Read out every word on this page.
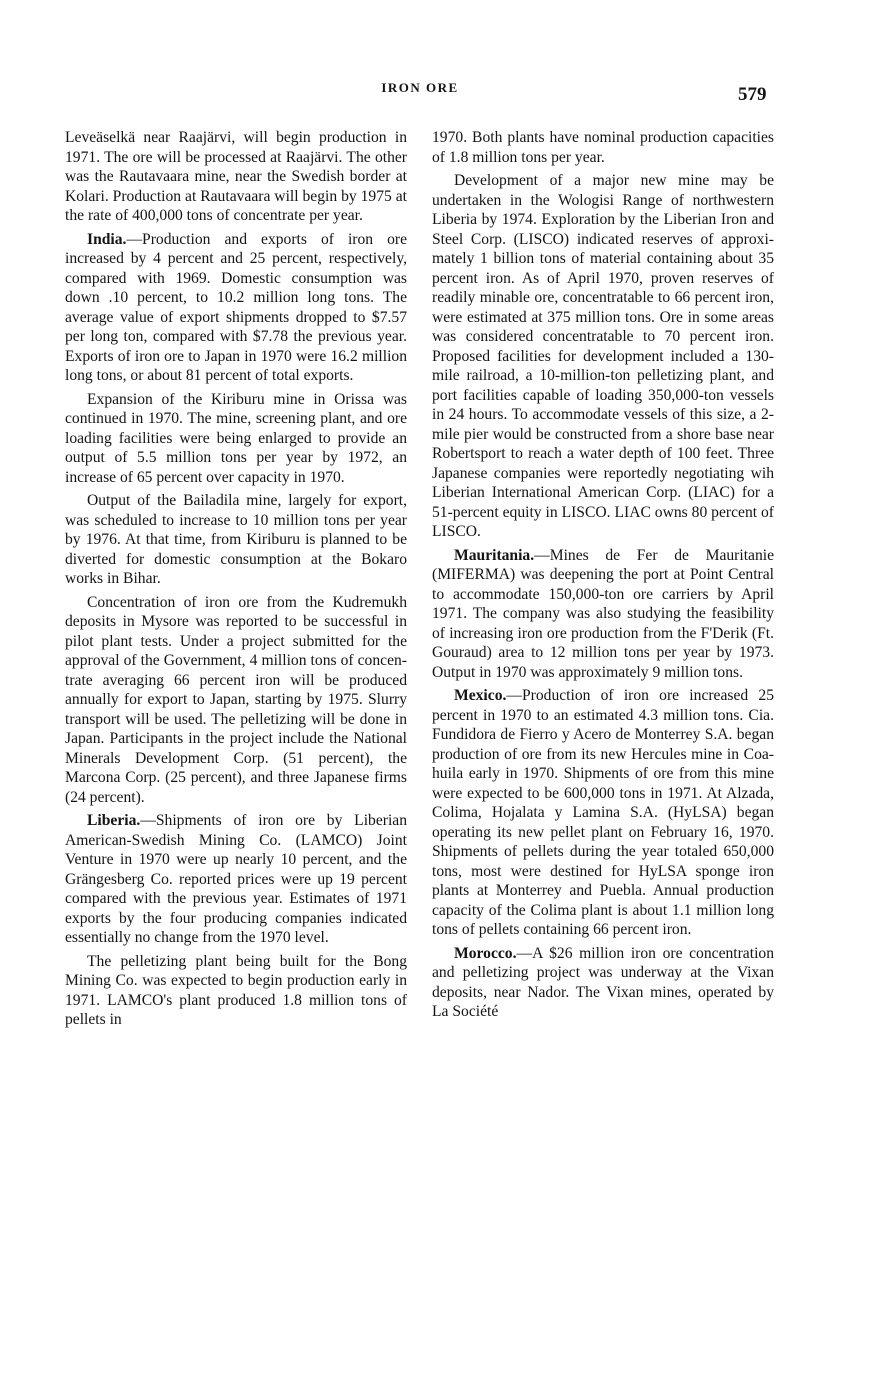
IRON ORE	579

Leveäselkä near Raajärvi, will begin production in 1971. The ore will be processed at Raajärvi. The other was the Rautavaara mine, near the Swedish border at Kolari. Production at Rautavaara will begin by 1975 at the rate of 400,000 tons of concentrate per year.

India.—Production and exports of iron ore increased by 4 percent and 25 percent, respectively, compared with 1969. Domestic consumption was down .10 percent, to 10.2 million long tons. The average value of export shipments dropped to $7.57 per long ton, compared with $7.78 the previous year. Exports of iron ore to Japan in 1970 were 16.2 million long tons, or about 81 percent of total exports.

Expansion of the Kiriburu mine in Orissa was continued in 1970. The mine, screening plant, and ore loading facilities were being enlarged to provide an output of 5.5 million tons per year by 1972, an increase of 65 percent over capacity in 1970.

Output of the Bailadila mine, largely for export, was scheduled to increase to 10 million tons per year by 1976. At that time, from Kiriburu is planned to be diverted for domestic consumption at the Bokaro works in Bihar.

Concentration of iron ore from the Kudremukh deposits in Mysore was reported to be successful in pilot plant tests. Under a project submitted for the approval of the Government, 4 million tons of concentrate averaging 66 percent iron will be produced annually for export to Japan, starting by 1975. Slurry transport will be used. The pelletizing will be done in Japan. Participants in the project include the National Minerals Development Corp. (51 percent), the Marcona Corp. (25 percent), and three Japanese firms (24 percent).

Liberia.—Shipments of iron ore by Liberian American-Swedish Mining Co. (LAMCO) Joint Venture in 1970 were up nearly 10 percent, and the Grängesberg Co. reported prices were up 19 percent compared with the previous year. Estimates of 1971 exports by the four producing companies indicated essentially no change from the 1970 level.

The pelletizing plant being built for the Bong Mining Co. was expected to begin production early in 1971. LAMCO's plant produced 1.8 million tons of pellets in

1970. Both plants have nominal production capacities of 1.8 million tons per year.

Development of a major new mine may be undertaken in the Wologisi Range of northwestern Liberia by 1974. Exploration by the Liberian Iron and Steel Corp. (LISCO) indicated reserves of approximately 1 billion tons of material containing about 35 percent iron. As of April 1970, proven reserves of readily minable ore, concentratable to 66 percent iron, were estimated at 375 million tons. Ore in some areas was considered concentratable to 70 percent iron. Proposed facilities for development included a 130-mile railroad, a 10-million-ton pelletizing plant, and port facilities capable of loading 350,000-ton vessels in 24 hours. To accommodate vessels of this size, a 2-mile pier would be constructed from a shore base near Robertsport to reach a water depth of 100 feet. Three Japanese companies were reportedly negotiating wih Liberian International American Corp. (LIAC) for a 51-percent equity in LISCO. LIAC owns 80 percent of LISCO.

Mauritania.—Mines de Fer de Mauritanie (MIFERMA) was deepening the port at Point Central to accommodate 150,000-ton ore carriers by April 1971. The company was also studying the feasibility of increasing iron ore production from the F'Derik (Ft. Gouraud) area to 12 million tons per year by 1973. Output in 1970 was approximately 9 million tons.

Mexico.—Production of iron ore increased 25 percent in 1970 to an estimated 4.3 million tons. Cia. Fundidora de Fierro y Acero de Monterrey S.A. began production of ore from its new Hercules mine in Coahuila early in 1970. Shipments of ore from this mine were expected to be 600,000 tons in 1971. At Alzada, Colima, Hojalata y Lamina S.A. (HyLSA) began operating its new pellet plant on February 16, 1970. Shipments of pellets during the year totaled 650,000 tons, most were destined for HyLSA sponge iron plants at Monterrey and Puebla. Annual production capacity of the Colima plant is about 1.1 million long tons of pellets containing 66 percent iron.

Morocco.—A $26 million iron ore concentration and pelletizing project was underway at the Vixan deposits, near Nador. The Vixan mines, operated by La Société
